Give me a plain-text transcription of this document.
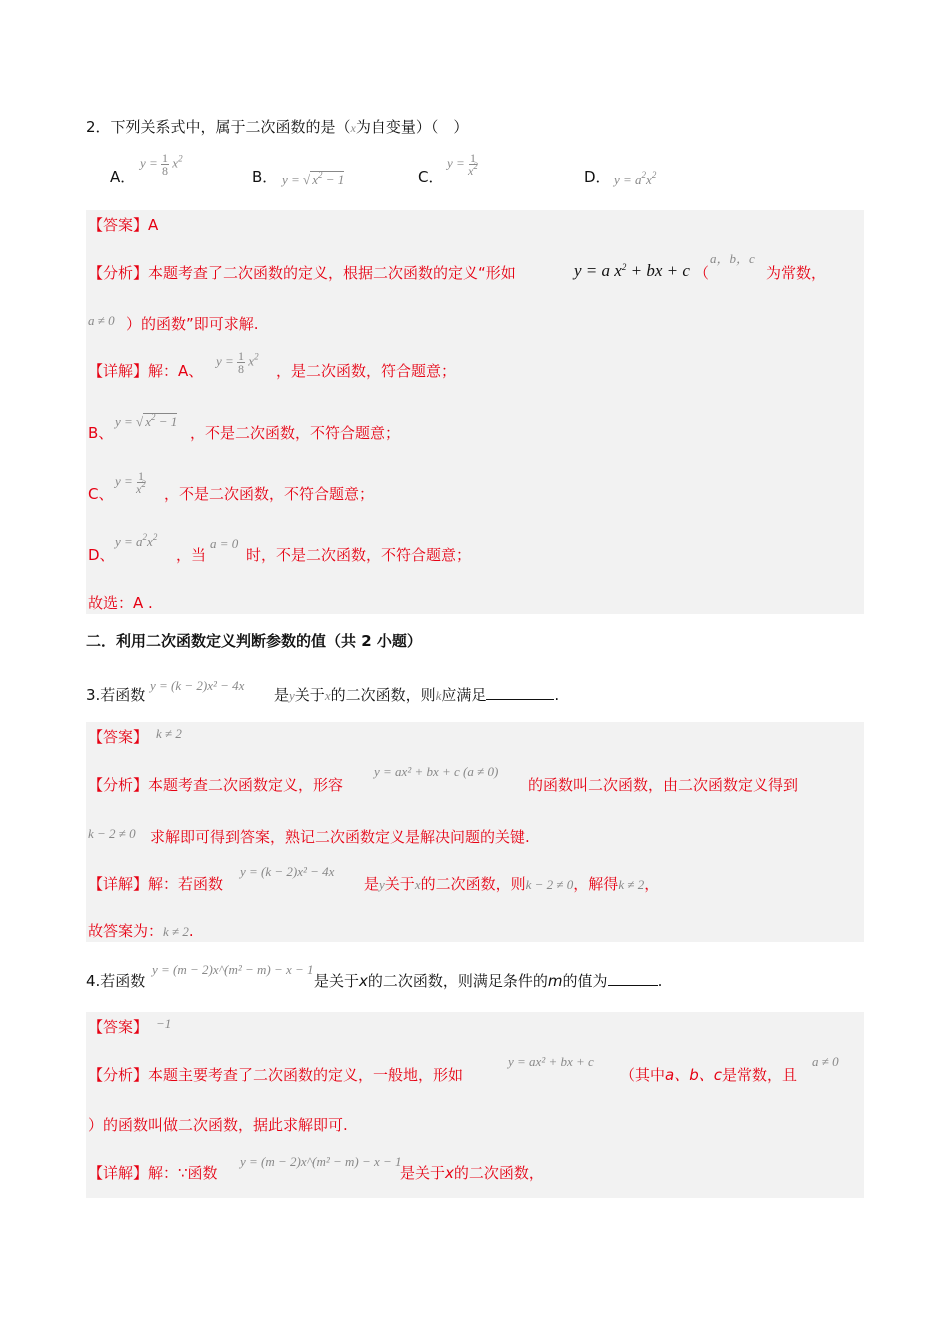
2．下列关系式中，属于二次函数的是（x为自变量）（　）
A．
$y = \frac{1}{8} x^2$
B． y = √ $x^2 - 1$	C．
$y = \frac{1}{x^2}$	D． $y = a^2x^2$
【答案】A
【分析】本题考查了二次函数的定义，根据二次函数的定义“形如	y = a $x^2$ + bx + c （
a，b，c
为常数，
a ≠ 0 ）的函数”即可求解.
【详解】解：A、
$y = \frac{1}{8} x^2$
，是二次函数，符合题意；
B、
y = √ $x^2 - 1$
，不是二次函数，不符合题意；
C、
$y = \frac{1}{x^2}$ ，不是二次函数，不符合题意；
D、
$y = a^2x^2$
，当
a = 0
时，不是二次函数，不符合题意；
故选：A .
二．利用二次函数定义判断参数的值（共 2 小题）
3.若函数
y = (k − 2)x² − 4x
是y关于x的二次函数，则k应满足	.
【答案】 k ≠ 2
【分析】本题考查二次函数定义，形容
y = ax² + bx + c (a ≠ 0)
的函数叫二次函数，由二次函数定义得到
k − 2 ≠ 0 求解即可得到答案，熟记二次函数定义是解决问题的关键.
【详解】解：若函数
y = (k − 2)x² − 4x
是y关于x的二次函数，则k − 2 ≠ 0，解得k ≠ 2，
故答案为：k ≠ 2.
4.若函数
y = (m − 2)x^(m² − m) − x − 1
是关于x的二次函数，则满足条件的m的值为	.
【答案】 −1
【分析】本题主要考查了二次函数的定义，一般地，形如
y = ax² + bx + c
（其中a、b、c是常数，且
a ≠ 0
）的函数叫做二次函数，据此求解即可.
【详解】解：∵函数
y = (m − 2)x^(m² − m) − x − 1
是关于x的二次函数，
